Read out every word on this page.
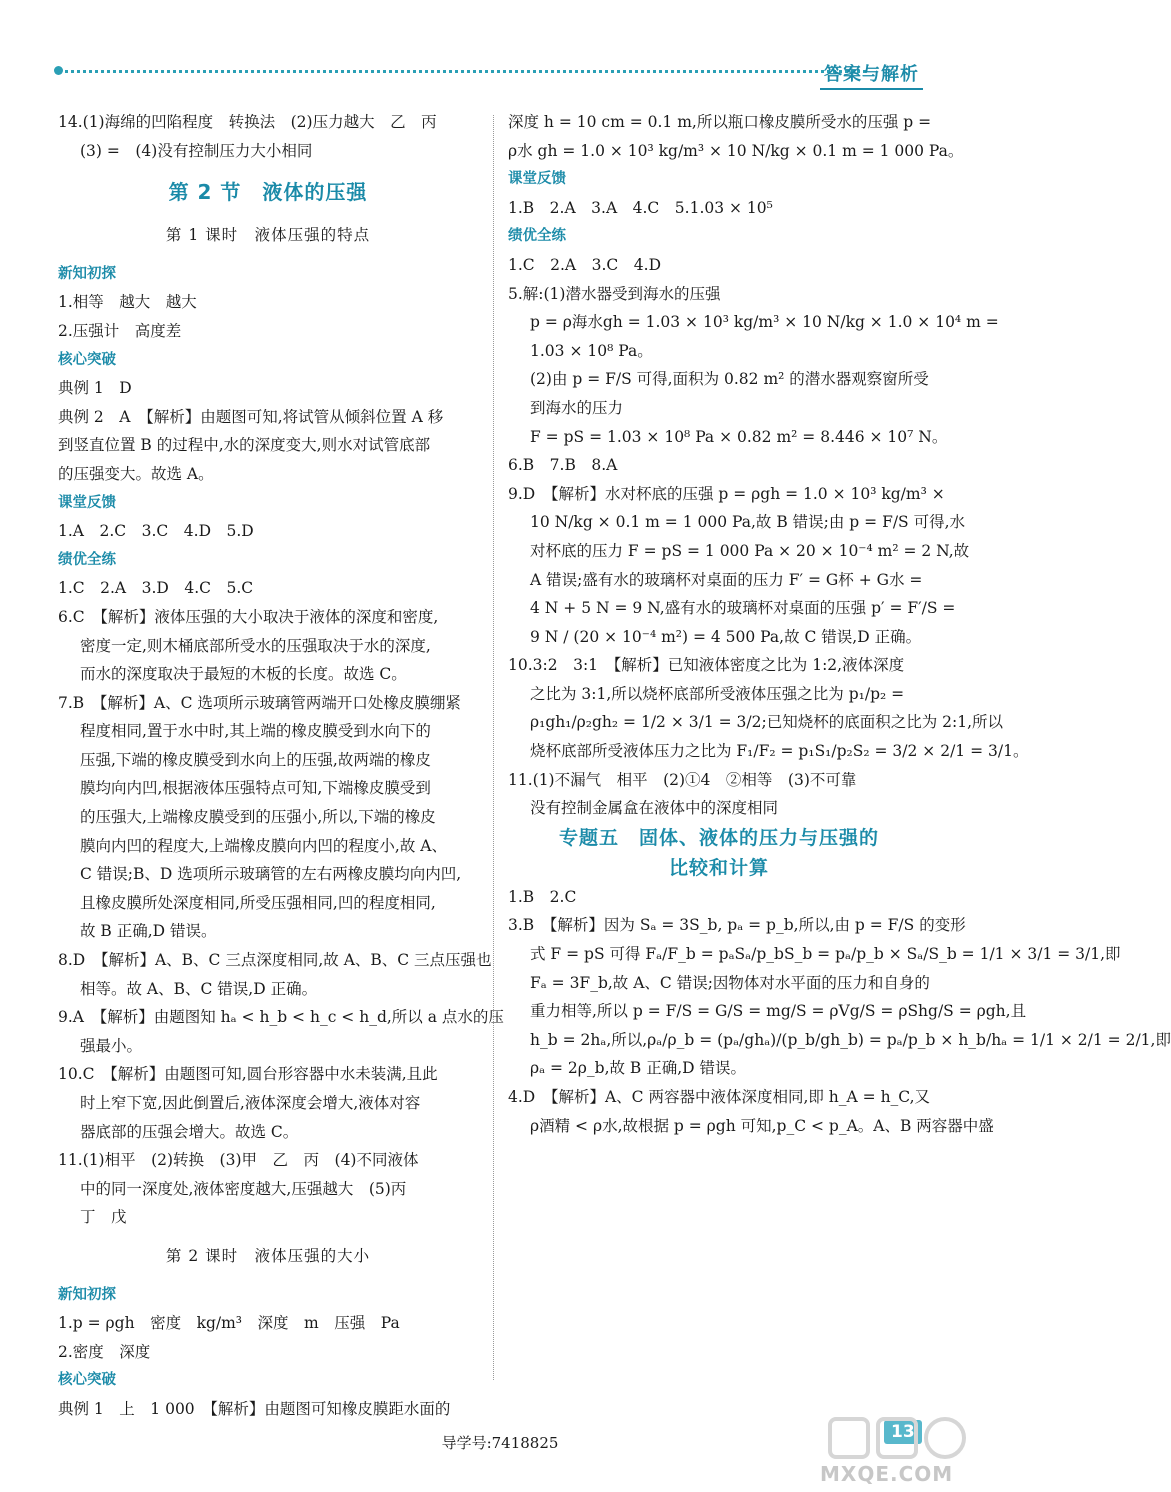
答案与解析
14.(1)海绵的凹陷程度　转换法　(2)压力越大　乙　丙
(3) =　(4)没有控制压力大小相同
第 2 节　液体的压强
第 1 课时　液体压强的特点
新知初探
1.相等　越大　越大
2.压强计　高度差
核心突破
典例 1　D
典例 2　A　【解析】由题图可知,将试管从倾斜位置 A 移
到竖直位置 B 的过程中,水的深度变大,则水对试管底部
的压强变大。故选 A。
课堂反馈
1.A　2.C　3.C　4.D　5.D
绩优全练
1.C　2.A　3.D　4.C　5.C
6.C　【解析】液体压强的大小取决于液体的深度和密度,
密度一定,则木桶底部所受水的压强取决于水的深度,
而水的深度取决于最短的木板的长度。故选 C。
7.B　【解析】A、C 选项所示玻璃管两端开口处橡皮膜绷紧
程度相同,置于水中时,其上端的橡皮膜受到水向下的
压强,下端的橡皮膜受到水向上的压强,故两端的橡皮
膜均向内凹,根据液体压强特点可知,下端橡皮膜受到
的压强大,上端橡皮膜受到的压强小,所以,下端的橡皮
膜向内凹的程度大,上端橡皮膜向内凹的程度小,故 A、
C 错误;B、D 选项所示玻璃管的左右两橡皮膜均向内凹,
且橡皮膜所处深度相同,所受压强相同,凹的程度相同,
故 B 正确,D 错误。
8.D　【解析】A、B、C 三点深度相同,故 A、B、C 三点压强也
相等。故 A、B、C 错误,D 正确。
9.A　【解析】由题图知 hₐ < h_b < h_c < h_d,所以 a 点水的压
强最小。
10.C　【解析】由题图可知,圆台形容器中水未装满,且此
时上窄下宽,因此倒置后,液体深度会增大,液体对容
器底部的压强会增大。故选 C。
11.(1)相平　(2)转换　(3)甲　乙　丙　(4)不同液体
中的同一深度处,液体密度越大,压强越大　(5)丙
丁　戊
第 2 课时　液体压强的大小
新知初探
1.p = ρgh　密度　kg/m³　深度　m　压强　Pa
2.密度　深度
核心突破
典例 1　上　1 000　【解析】由题图可知橡皮膜距水面的
深度 h = 10 cm = 0.1 m,所以瓶口橡皮膜所受水的压强 p =
ρ水 gh = 1.0 × 10³ kg/m³ × 10 N/kg × 0.1 m = 1 000 Pa。
课堂反馈
1.B　2.A　3.A　4.C　5.1.03 × 10⁵
绩优全练
1.C　2.A　3.C　4.D
5.解:(1)潜水器受到海水的压强
p = ρ海水gh = 1.03 × 10³ kg/m³ × 10 N/kg × 1.0 × 10⁴ m =
1.03 × 10⁸ Pa。
(2)由 p = F/S 可得,面积为 0.82 m² 的潜水器观察窗所受
到海水的压力
F = pS = 1.03 × 10⁸ Pa × 0.82 m² = 8.446 × 10⁷ N。
6.B　7.B　8.A
9.D　【解析】水对杯底的压强 p = ρgh = 1.0 × 10³ kg/m³ ×
10 N/kg × 0.1 m = 1 000 Pa,故 B 错误;由 p = F/S 可得,水
对杯底的压力 F = pS = 1 000 Pa × 20 × 10⁻⁴ m² = 2 N,故
A 错误;盛有水的玻璃杯对桌面的压力 F′ = G杯 + G水 =
4 N + 5 N = 9 N,盛有水的玻璃杯对桌面的压强 p′ = F′/S =
9 N / (20 × 10⁻⁴ m²) = 4 500 Pa,故 C 错误,D 正确。
10.3:2　3:1　【解析】已知液体密度之比为 1:2,液体深度
之比为 3:1,所以烧杯底部所受液体压强之比为 p₁/p₂ =
ρ₁gh₁/ρ₂gh₂ = 1/2 × 3/1 = 3/2;已知烧杯的底面积之比为 2:1,所以
烧杯底部所受液体压力之比为 F₁/F₂ = p₁S₁/p₂S₂ = 3/2 × 2/1 = 3/1。
11.(1)不漏气　相平　(2)①4　②相等　(3)不可靠
没有控制金属盒在液体中的深度相同
专题五　固体、液体的压力与压强的
比较和计算
1.B　2.C
3.B　【解析】因为 Sₐ = 3S_b, pₐ = p_b,所以,由 p = F/S 的变形
式 F = pS 可得 Fₐ/F_b = pₐSₐ/p_bS_b = pₐ/p_b × Sₐ/S_b = 1/1 × 3/1 = 3/1,即
Fₐ = 3F_b,故 A、C 错误;因物体对水平面的压力和自身的
重力相等,所以 p = F/S = G/S = mg/S = ρVg/S = ρShg/S = ρgh,且
h_b = 2hₐ,所以,ρₐ/ρ_b = (pₐ/ghₐ)/(p_b/gh_b) = pₐ/p_b × h_b/hₐ = 1/1 × 2/1 = 2/1,即
ρₐ = 2ρ_b,故 B 正确,D 错误。
4.D　【解析】A、C 两容器中液体深度相同,即 h_A = h_C,又
ρ酒精 < ρ水,故根据 p = ρgh 可知,p_C < p_A。A、B 两容器中盛
导学号:7418825
13
MXQE.COM
